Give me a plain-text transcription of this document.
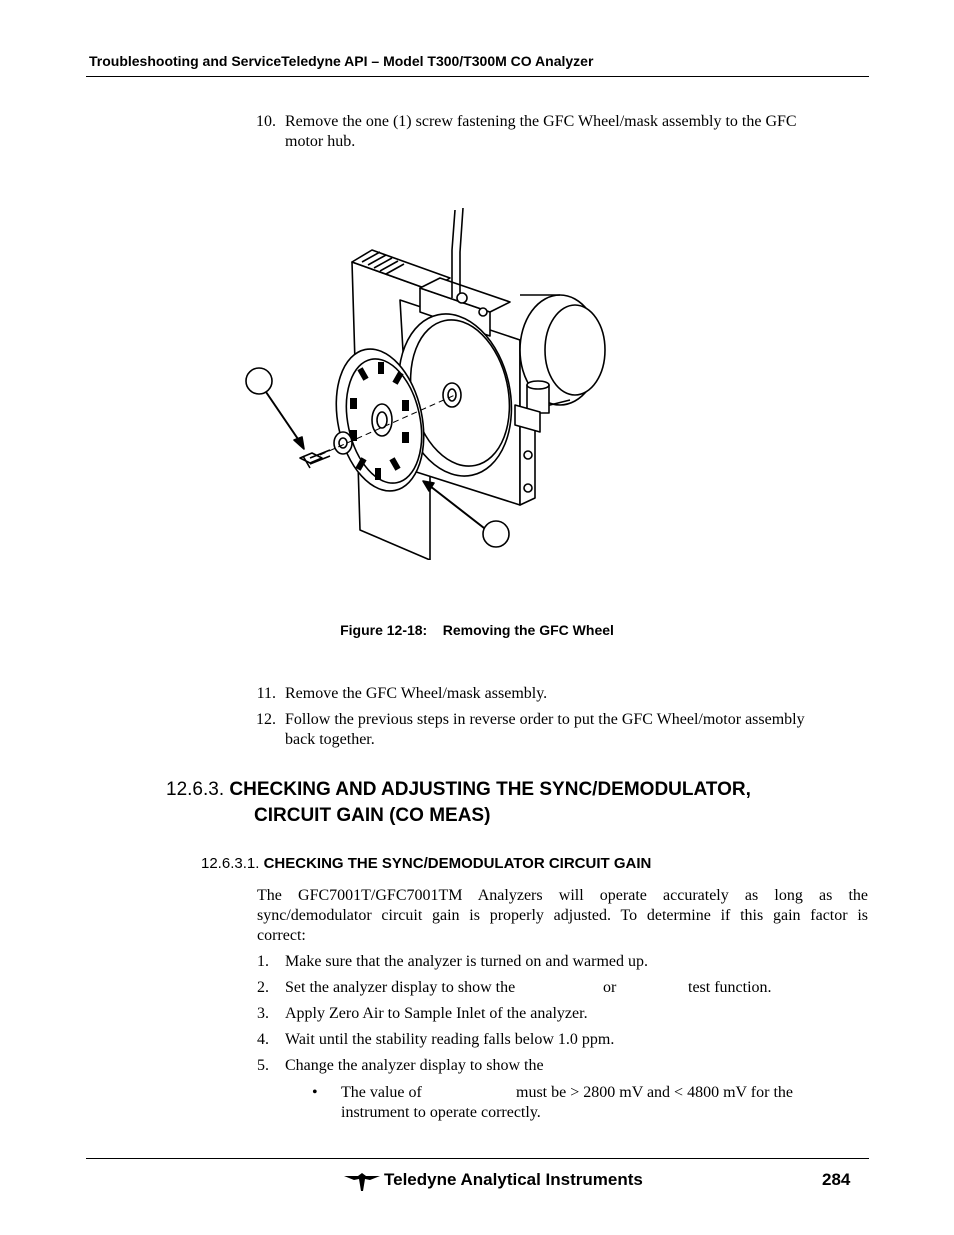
Troubleshooting and ServiceTeledyne API – Model T300/T300M CO Analyzer
10. Remove the one (1) screw fastening the GFC Wheel/mask assembly to the GFC
motor hub.
Figure 12-18: Removing the GFC Wheel
11. Remove the GFC Wheel/mask assembly.
12. Follow the previous steps in reverse order to put the GFC Wheel/motor assembly
back together.
12.6.3. CHECKING AND ADJUSTING THE SYNC/DEMODULATOR,
CIRCUIT GAIN (CO MEAS)
12.6.3.1. CHECKING THE SYNC/DEMODULATOR CIRCUIT GAIN
The GFC7001T/GFC7001TM Analyzers will operate accurately as long as the
sync/demodulator circuit gain is properly adjusted. To determine if this gain factor is
correct:
1. Make sure that the analyzer is turned on and warmed up.
2. Set the analyzer display to show the	or	test function.
3. Apply Zero Air to Sample Inlet of the analyzer.
4. Wait until the stability reading falls below 1.0 ppm.
5. Change the analyzer display to show the
• The value of	must be > 2800 mV and < 4800 mV for the
instrument to operate correctly.
Teledyne Analytical Instruments	284
